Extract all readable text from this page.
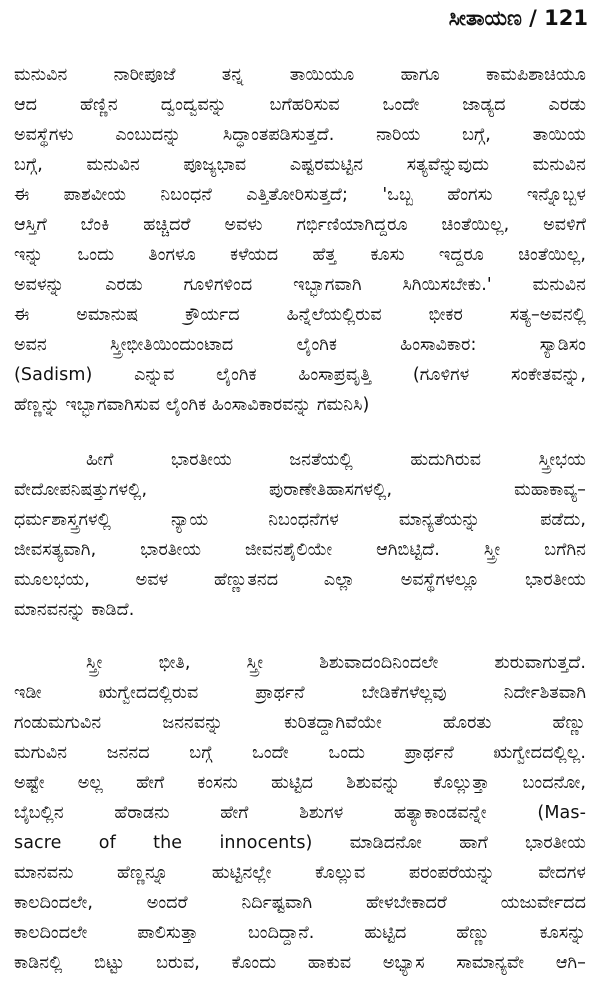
ಸೀತಾಯಣ / 121
ಮನುವಿನ ನಾರೀಪೂಜೆ ತನ್ನ ತಾಯಿಯೂ ಹಾಗೂ ಕಾಮಪಿಶಾಚಿಯೂ
ಆದ ಹೆಣ್ಣಿನ ದ್ವಂದ್ವವನ್ನು ಬಗೆಹರಿಸುವ ಒಂದೇ ಜಾಡ್ಯದ ಎರಡು
ಅವಸ್ಥೆಗಳು ಎಂಬುದನ್ನು ಸಿದ್ಧಾಂತಪಡಿಸುತ್ತದೆ. ನಾರಿಯ ಬಗ್ಗೆ, ತಾಯಿಯ
ಬಗ್ಗೆ, ಮನುವಿನ ಪೂಜ್ಯಭಾವ ಎಷ್ಟರಮಟ್ಟಿನ ಸತ್ಯವೆನ್ನುವುದು ಮನುವಿನ
ಈ ಪಾಶವೀಯ ನಿಬಂಧನೆ ಎತ್ತಿತೋರಿಸುತ್ತದೆ; 'ಒಬ್ಬ ಹೆಂಗಸು ಇನ್ನೊಬ್ಬಳ
ಆಸ್ತಿಗೆ ಬೆಂಕಿ ಹಚ್ಚಿದರೆ ಅವಳು ಗರ್ಭಿಣಿಯಾಗಿದ್ದರೂ ಚಿಂತೆಯಿಲ್ಲ, ಅವಳಿಗೆ
ಇನ್ನು ಒಂದು ತಿಂಗಳೂ ಕಳೆಯದ ಹೆತ್ತ ಕೂಸು ಇದ್ದರೂ ಚಿಂತೆಯಿಲ್ಲ,
ಅವಳನ್ನು ಎರಡು ಗೂಳಿಗಳಿಂದ ಇಬ್ಭಾಗವಾಗಿ ಸಿಗಿಯಿಸಬೇಕು.' ಮನುವಿನ
ಈ ಅಮಾನುಷ ಕ್ರೌರ್ಯದ ಹಿನ್ನೆಲೆಯಲ್ಲಿರುವ ಭೀಕರ ಸತ್ಯ–ಅವನಲ್ಲಿ
ಅವನ ಸ್ತ್ರೀಭೀತಿಯಿಂದುಂಟಾದ ಲೈಂಗಿಕ ಹಿಂಸಾವಿಕಾರ: ಸ್ಯಾಡಿಸಂ
(Sadism) ಎನ್ನುವ ಲೈಂಗಿಕ ಹಿಂಸಾಪ್ರವೃತ್ತಿ (ಗೂಳಿಗಳ ಸಂಕೇತವನ್ನು,
ಹೆಣ್ಣನ್ನು ಇಬ್ಭಾಗವಾಗಿಸುವ ಲೈಂಗಿಕ ಹಿಂಸಾವಿಕಾರವನ್ನು ಗಮನಿಸಿ)
ಹೀಗೆ ಭಾರತೀಯ ಜನತೆಯಲ್ಲಿ ಹುದುಗಿರುವ ಸ್ತ್ರೀಭಯ
ವೇದೋಪನಿಷತ್ತುಗಳಲ್ಲಿ, ಪುರಾಣೇತಿಹಾಸಗಳಲ್ಲಿ, ಮಹಾಕಾವ್ಯ–
ಧರ್ಮಶಾಸ್ತ್ರಗಳಲ್ಲಿ ನ್ಯಾಯ ನಿಬಂಧನೆಗಳ ಮಾನ್ಯತೆಯನ್ನು ಪಡೆದು,
ಜೀವಸತ್ಯವಾಗಿ, ಭಾರತೀಯ ಜೀವನಶೈಲಿಯೇ ಆಗಿಬಿಟ್ಟಿದೆ. ಸ್ತ್ರೀ ಬಗೆಗಿನ
ಮೂಲಭಯ, ಅವಳ ಹೆಣ್ಣುತನದ ಎಲ್ಲಾ ಅವಸ್ಥೆಗಳಲ್ಲೂ ಭಾರತೀಯ
ಮಾನವನನ್ನು ಕಾಡಿದೆ.
ಸ್ತ್ರೀ ಭೀತಿ, ಸ್ತ್ರೀ ಶಿಶುವಾದಂದಿನಿಂದಲೇ ಶುರುವಾಗುತ್ತದೆ.
ಇಡೀ ಋಗ್ವೇದದಲ್ಲಿರುವ ಪ್ರಾರ್ಥನೆ ಬೇಡಿಕೆಗಳೆಲ್ಲವು ನಿರ್ದೇಶಿತವಾಗಿ
ಗಂಡುಮಗುವಿನ ಜನನವನ್ನು ಕುರಿತದ್ದಾಗಿವೆಯೇ ಹೊರತು ಹೆಣ್ಣು
ಮಗುವಿನ ಜನನದ ಬಗ್ಗೆ ಒಂದೇ ಒಂದು ಪ್ರಾರ್ಥನೆ ಋಗ್ವೇದದಲ್ಲಿಲ್ಲ.
ಅಷ್ಟೇ ಅಲ್ಲ ಹೇಗೆ ಕಂಸನು ಹುಟ್ಟಿದ ಶಿಶುವನ್ನು ಕೊಲ್ಲುತ್ತಾ ಬಂದನೋ,
ಬೈಬಲ್ಲಿನ ಹೆರಾಡನು ಹೇಗೆ ಶಿಶುಗಳ ಹತ್ಯಾಕಾಂಡವನ್ನೇ (Mas-
sacre of the innocents) ಮಾಡಿದನೋ ಹಾಗೆ ಭಾರತೀಯ
ಮಾನವನು ಹೆಣ್ಣನ್ನೂ ಹುಟ್ಟಿನಲ್ಲೇ ಕೊಲ್ಲುವ ಪರಂಪರೆಯನ್ನು ವೇದಗಳ
ಕಾಲದಿಂದಲೇ, ಅಂದರೆ ನಿರ್ದಿಷ್ಟವಾಗಿ ಹೇಳಬೇಕಾದರೆ ಯಜುರ್ವೇದದ
ಕಾಲದಿಂದಲೇ ಪಾಲಿಸುತ್ತಾ ಬಂದಿದ್ದಾನೆ. ಹುಟ್ಟಿದ ಹೆಣ್ಣು ಕೂಸನ್ನು
ಕಾಡಿನಲ್ಲಿ ಬಿಟ್ಟು ಬರುವ, ಕೊಂದು ಹಾಕುವ ಅಭ್ಯಾಸ ಸಾಮಾನ್ಯವೇ ಆಗಿ–
